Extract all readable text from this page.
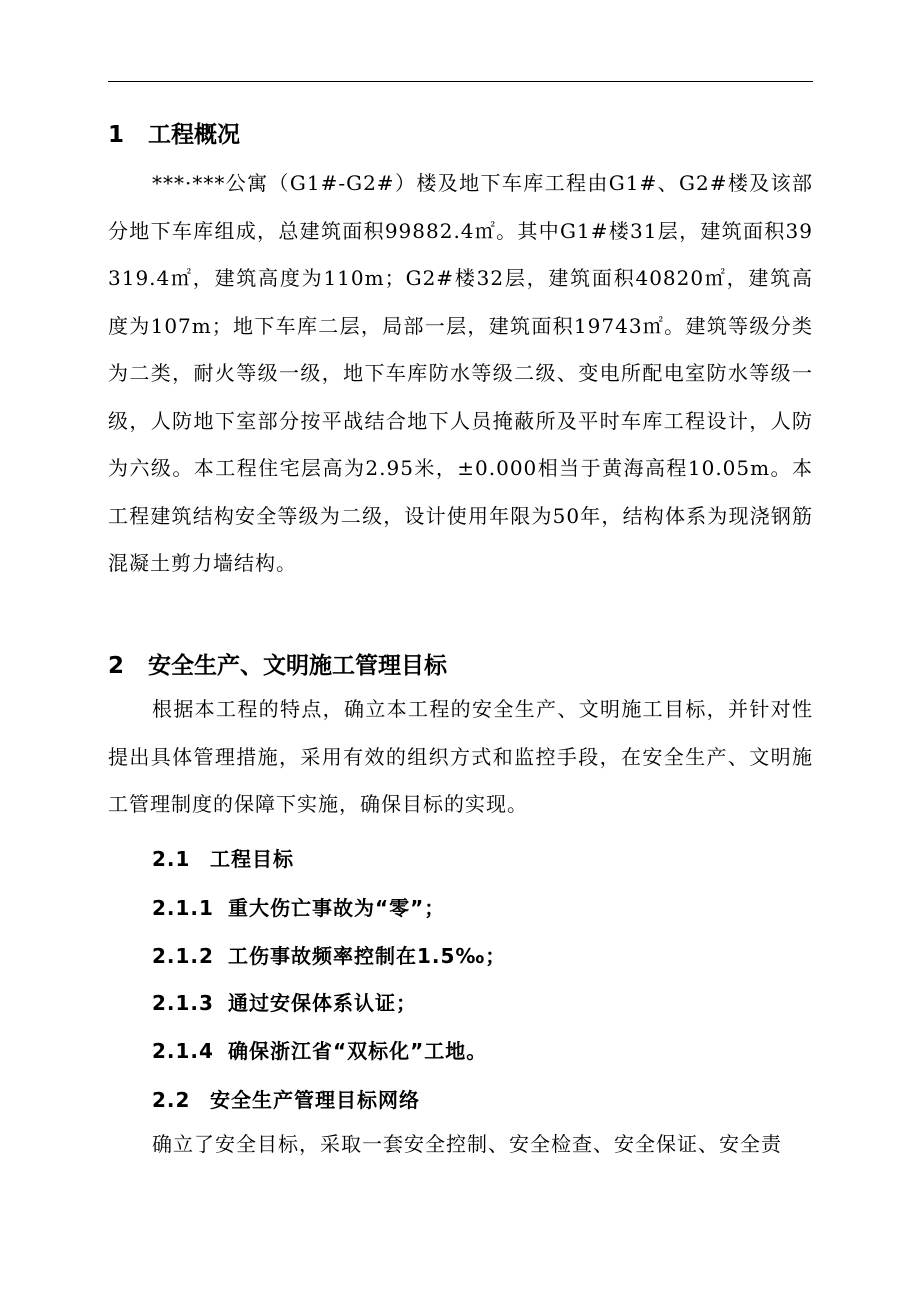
1 工程概况

***·***公寓（G1#-G2#）楼及地下车库工程由G1#、G2#楼及该部分地下车库组成，总建筑面积99882.4㎡。其中G1#楼31层，建筑面积39319.4㎡，建筑高度为110m；G2#楼32层，建筑面积40820㎡，建筑高度为107m；地下车库二层，局部一层，建筑面积19743㎡。建筑等级分类为二类，耐火等级一级，地下车库防水等级二级、变电所配电室防水等级一级，人防地下室部分按平战结合地下人员掩蔽所及平时车库工程设计，人防为六级。本工程住宅层高为2.95米，±0.000相当于黄海高程10.05m。本工程建筑结构安全等级为二级，设计使用年限为50年，结构体系为现浇钢筋混凝土剪力墙结构。

2 安全生产、文明施工管理目标

根据本工程的特点，确立本工程的安全生产、文明施工目标，并针对性提出具体管理措施，采用有效的组织方式和监控手段，在安全生产、文明施工管理制度的保障下实施，确保目标的实现。

2.1 工程目标
2.1.1 重大伤亡事故为“零”；
2.1.2 工伤事故频率控制在1.5‰；
2.1.3 通过安保体系认证；
2.1.4 确保浙江省“双标化”工地。
2.2 安全生产管理目标网络

确立了安全目标，采取一套安全控制、安全检查、安全保证、安全责
